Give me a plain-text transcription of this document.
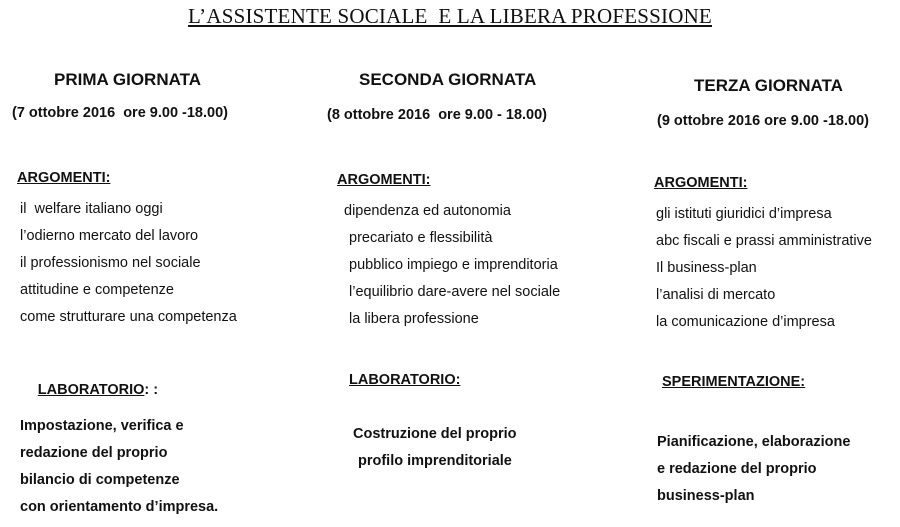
L’ASSISTENTE SOCIALE  E LA LIBERA PROFESSIONE
PRIMA GIORNATA
(7 ottobre 2016  ore 9.00 -18.00)
ARGOMENTI:
il  welfare italiano oggi
l’odierno mercato del lavoro
il professionismo nel sociale
attitudine e competenze
come strutturare una competenza

LABORATORIO: :

Impostazione, verifica e
redazione del proprio
bilancio di competenze
con orientamento d’impresa.
SECONDA GIORNATA
(8 ottobre 2016  ore 9.00 - 18.00)
ARGOMENTI:
dipendenza ed autonomia
precariato e flessibilità
pubblico impiego e imprenditoria
l’equilibrio dare-avere nel sociale
la libera professione
LABORATORIO:
Costruzione del proprio
profilo imprenditoriale
TERZA GIORNATA
(9 ottobre 2016 ore 9.00 -18.00)
ARGOMENTI:
gli istituti giuridici d’impresa
abc fiscali e prassi amministrative
Il business-plan
l’analisi di mercato
la comunicazione d’impresa
SPERIMENTAZIONE:
Pianificazione, elaborazione
e redazione del proprio
business-plan
